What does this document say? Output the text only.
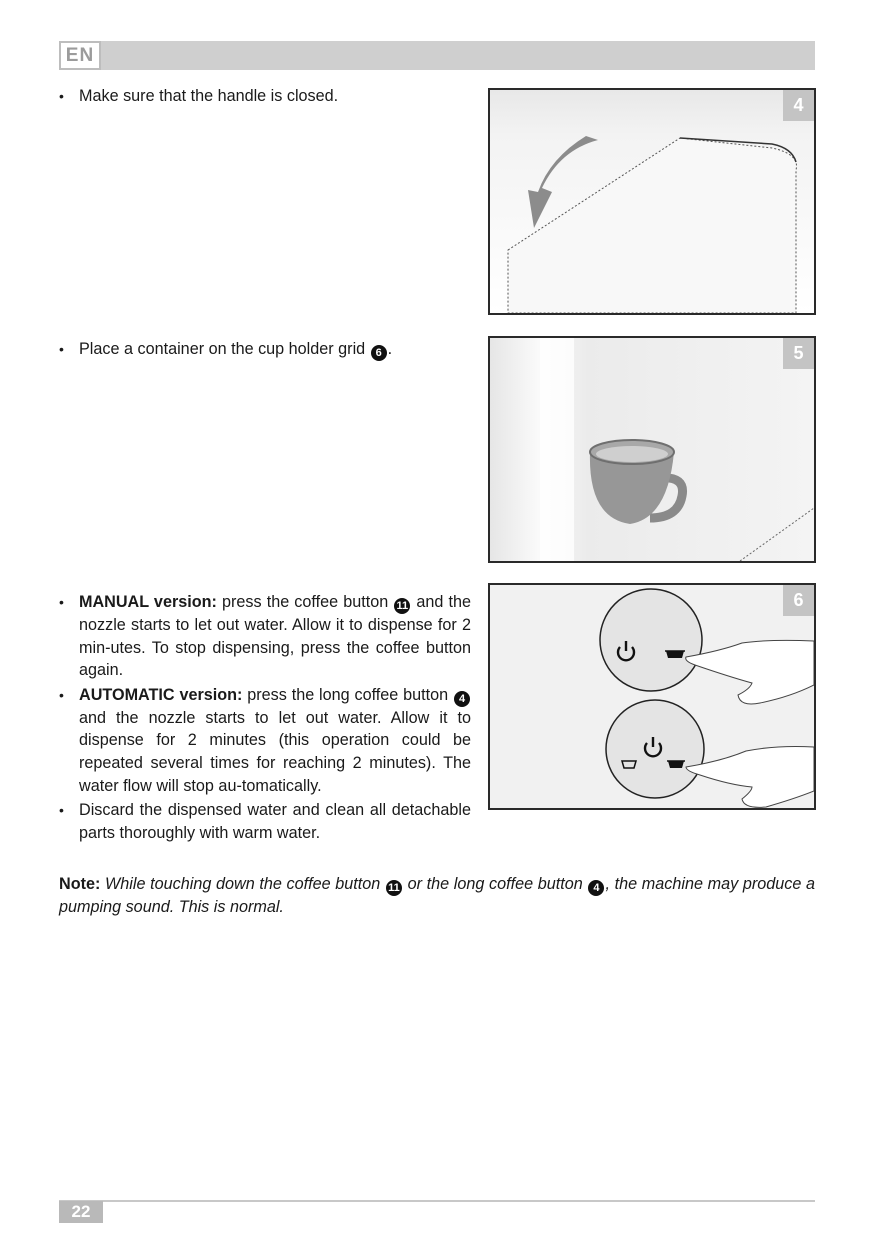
EN
• Make sure that the handle is closed.	4
• Place a container on the cup holder grid 6 .	5
• MANUAL version: press the coffee button 11 and the nozzle starts to let out water. Allow it to dispense for 2 min-utes. To stop dispensing, press the coffee button again.
• AUTOMATIC version: press the long coffee button 4 and the nozzle starts to let out water. Allow it to dispense for 2 minutes (this operation could be repeated several times for reaching 2 minutes). The water flow will stop au-tomatically.
• Discard the dispensed water and clean all detachable parts thoroughly with warm water.
6
Note: While touching down the coffee button 11 or the long coffee button 4 , the machine may produce a pumping sound. This is normal.
22
